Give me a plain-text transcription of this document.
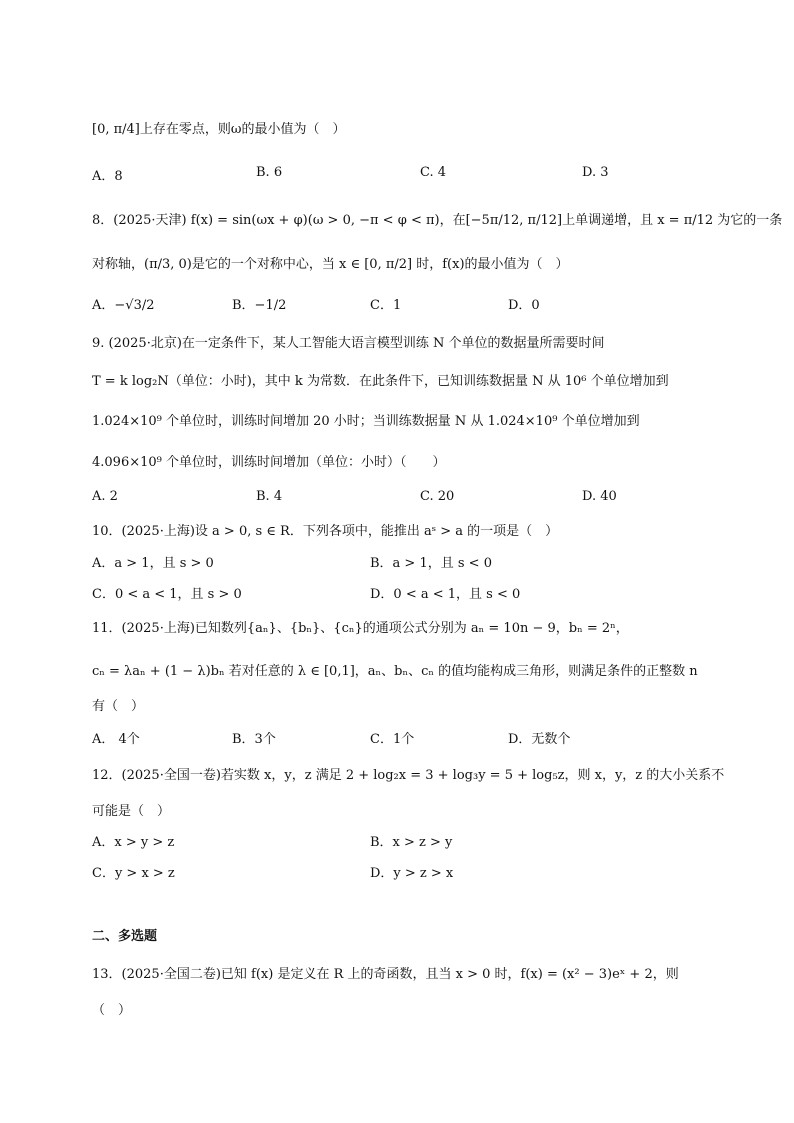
[0, π/4]上存在零点，则ω的最小值为（　）
A．8	B. 6	C. 4	D. 3
8．(2025·天津) f(x) = sin(ωx + φ)(ω > 0, −π < φ < π)，在[−5π/12, π/12]上单调递增，且 x = π/12 为它的一条
对称轴，(π/3, 0)是它的一个对称中心，当 x ∈ [0, π/2] 时，f(x)的最小值为（　）
A．−√3/2	B．−1/2	C．1	D．0
9. (2025·北京)在一定条件下，某人工智能大语言模型训练 N 个单位的数据量所需要时间
T = k log₂N（单位：小时)，其中 k 为常数．在此条件下，已知训练数据量 N 从 10⁶ 个单位增加到
1.024×10⁹ 个单位时，训练时间增加 20 小时；当训练数据量 N 从 1.024×10⁹ 个单位增加到
4.096×10⁹ 个单位时，训练时间增加（单位：小时）（　　）
A. 2	B. 4	C. 20	D. 40
10．(2025·上海)设 a > 0, s ∈ R．下列各项中，能推出 aˢ > a 的一项是（　）
A．a > 1，且 s > 0	B．a > 1，且 s < 0
C．0 < a < 1，且 s > 0	D．0 < a < 1，且 s < 0
11．(2025·上海)已知数列{aₙ}、{bₙ}、{cₙ}的通项公式分别为 aₙ = 10n − 9，bₙ = 2ⁿ，
cₙ = λaₙ + (1 − λ)bₙ 若对任意的 λ ∈ [0,1]，aₙ、bₙ、cₙ 的值均能构成三角形，则满足条件的正整数 n
有（　）
A． 4个	B．3个	C．1个	D．无数个
12．(2025·全国一卷)若实数 x，y，z 满足 2 + log₂x = 3 + log₃y = 5 + log₅z，则 x，y，z 的大小关系不
可能是（　）
A．x > y > z	B．x > z > y
C．y > x > z	D．y > z > x
二、多选题
13．(2025·全国二卷)已知 f(x) 是定义在 R 上的奇函数，且当 x > 0 时，f(x) = (x² − 3)eˣ + 2，则
（　）
